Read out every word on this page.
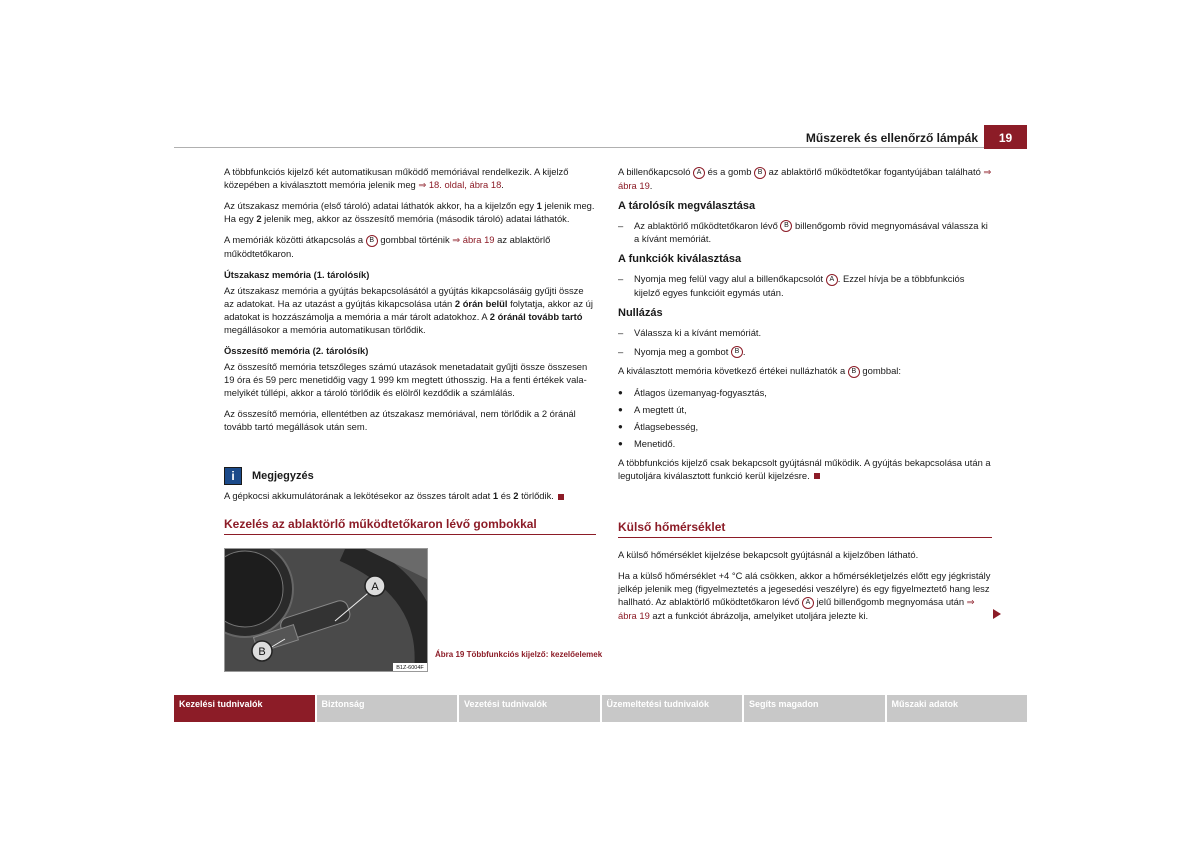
Műszerek és ellenőrző lámpák	19

A többfunkciós kijelző két automatikusan működő memóriával rendelkezik. A kijelző közepében a kiválasztott memória jelenik meg ⇒ 18. oldal, ábra 18.

Az útszakasz memória (első tároló) adatai láthatók akkor, ha a kijelzőn egy 1 jelenik meg. Ha egy 2 jelenik meg, akkor az összesítő memória (második tároló) adatai láthatók.

A memóriák közötti átkapcsolás a B gombbal történik ⇒ ábra 19 az ablaktörlő működtetőkaron.

Útszakasz memória (1. tárolósík)

Az útszakasz memória a gyújtás bekapcsolásától a gyújtás kikapcsolásáig gyűjti össze az adatokat. Ha az utazást a gyújtás kikapcsolása után 2 órán belül folytatja, akkor az új adatokat is hozzászámolja a memória a már tárolt adatokhoz. A 2 óránál tovább tartó megállásokor a memória automatikusan törlődik.

Összesítő memória (2. tárolósík)

Az összesítő memória tetszőleges számú utazások menetadatait gyűjti össze összesen 19 óra és 59 perc menetidőig vagy 1 999 km megtett úthosszig. Ha a fenti értékek valamelyikét túllépi, akkor a tároló törlődik és elölről kezdődik a számlálás.

Az összesítő memória, ellentétben az útszakasz memóriával, nem törlődik a 2 óránál tovább tartó megállások után sem.

i	Megjegyzés
A gépkocsi akkumulátorának a lekötésekor az összes tárolt adat 1 és 2 törlődik.
Kezelés az ablaktörlő működtetőkaron lévő gombokkal
A
B
B1Z-6004F
Ábra 19 Többfunkciós kijelző: kezelőelemek

A billenőkapcsoló A és a gomb B az ablaktörlő működtetőkar fogantyújában található ⇒ ábra 19.

A tárolósík megválasztása
– Az ablaktörlő működtetőkaron lévő B billenőgomb rövid megnyomásával válassza ki a kívánt memóriát.
A funkciók kiválasztása
– Nyomja meg felül vagy alul a billenőkapcsolót A . Ezzel hívja be a többfunkciós kijelző egyes funkcióit egymás után.
Nullázás
– Válassza ki a kívánt memóriát.
– Nyomja meg a gombot B .

A kiválasztott memória következő értékei nullázhatók a B gombbal:

● Átlagos üzemanyag-fogyasztás,
● A megtett út,
● Átlagsebesség,
● Menetidő.

A többfunkciós kijelző csak bekapcsolt gyújtásnál működik. A gyújtás bekapcsolása után a legutoljára kiválasztott funkció kerül kijelzésre.

Külső hőmérséklet

A külső hőmérséklet kijelzése bekapcsolt gyújtásnál a kijelzőben látható.

Ha a külső hőmérséklet +4 °C alá csökken, akkor a hőmérsékletjelzés előtt egy jégkristály jelkép jelenik meg (figyelmeztetés a jegesedési veszélyre) és egy figyelmeztető hang lesz hallható. Az ablaktörlő működtetőkaron lévő A jelű billenőgomb megnyomása után ⇒ ábra 19 azt a funkciót ábrázolja, amelyiket utoljára jelezte ki.

Kezelési tudnivalók	Biztonság	Vezetési tudnivalók	Üzemeltetési tudnivalók	Segíts magadon	Műszaki adatok
